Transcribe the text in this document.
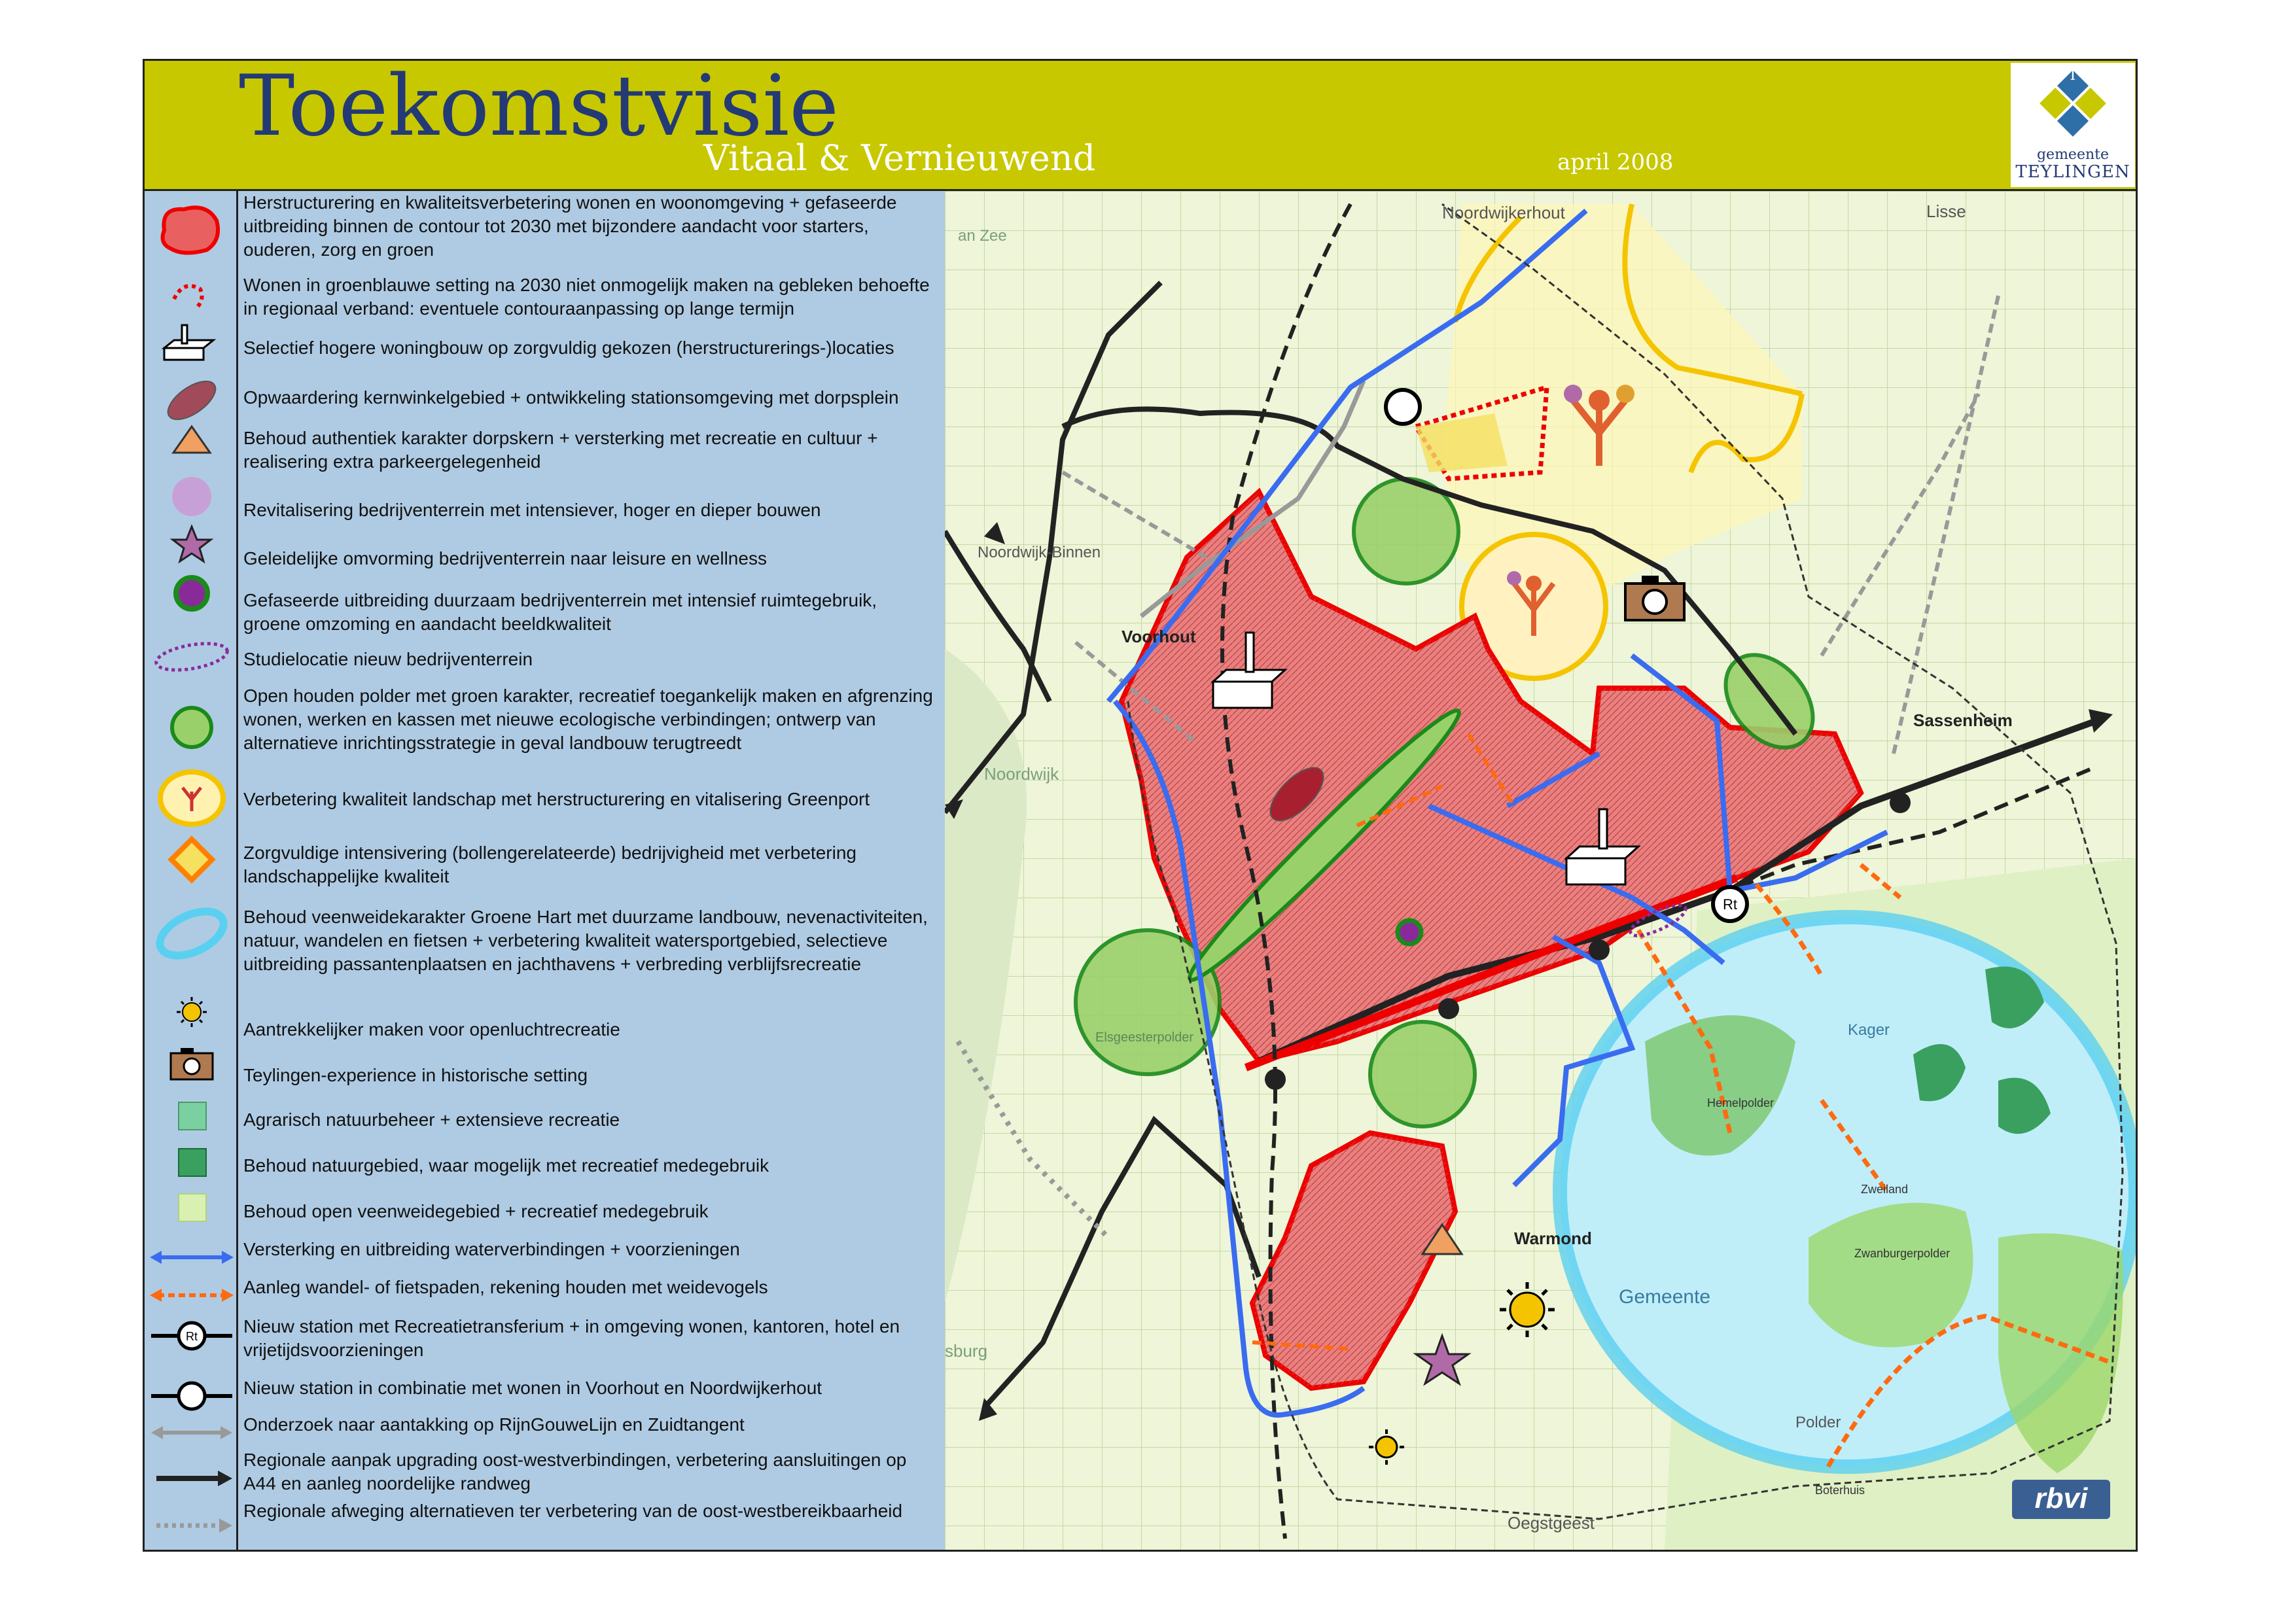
Toekomstvisie
Vitaal & Vernieuwend	april 2008
T
gemeente
TEYLINGEN
Rt
Herstructurering en kwaliteitsverbetering wonen en woonomgeving + gefaseerde uitbreiding binnen de contour tot 2030 met bijzondere aandacht voor starters, ouderen, zorg en groen
Wonen in groenblauwe setting na 2030 niet onmogelijk maken na gebleken behoefte in regionaal verband: eventuele contouraanpassing op lange termijn
Selectief hogere woningbouw op zorgvuldig gekozen (herstructurerings-)locaties
Opwaardering kernwinkelgebied + ontwikkeling stationsomgeving met dorpsplein
Behoud authentiek karakter dorpskern + versterking met recreatie en cultuur + realisering extra parkeergelegenheid
Revitalisering bedrijventerrein met intensiever, hoger en dieper bouwen
Geleidelijke omvorming bedrijventerrein naar leisure en wellness
Gefaseerde uitbreiding duurzaam bedrijventerrein met intensief ruimtegebruik, groene omzoming en aandacht beeldkwaliteit
Studielocatie nieuw bedrijventerrein
Open houden polder met groen karakter, recreatief toegankelijk maken en afgrenzing wonen, werken en kassen met nieuwe ecologische verbindingen; ontwerp van alternatieve inrichtingsstrategie in geval landbouw terugtreedt
Verbetering kwaliteit landschap met herstructurering en vitalisering Greenport
Zorgvuldige intensivering (bollengerelateerde) bedrijvigheid met verbetering landschappelijke kwaliteit
Behoud veenweidekarakter Groene Hart met duurzame landbouw, nevenactiviteiten, natuur, wandelen en fietsen + verbetering kwaliteit watersportgebied, selectieve uitbreiding passantenplaatsen en jachthavens + verbreding verblijfsrecreatie
Aantrekkelijker maken voor openluchtrecreatie
Teylingen-experience in historische setting
Agrarisch natuurbeheer + extensieve recreatie
Behoud natuurgebied, waar mogelijk met recreatief medegebruik
Behoud open veenweidegebied + recreatief medegebruik
Versterking en uitbreiding waterverbindingen + voorzieningen
Aanleg wandel- of fietspaden, rekening houden met weidevogels
Nieuw station met Recreatietransferium + in omgeving wonen, kantoren, hotel en vrijetijdsvoorzieningen
Nieuw station in combinatie met wonen in Voorhout en Noordwijkerhout
Onderzoek naar aantakking op RijnGouweLijn en Zuidtangent
Regionale aanpak upgrading oost-westverbindingen, verbetering aansluitingen op A44 en aanleg noordelijke randweg
Regionale afweging alternatieven ter verbetering van de oost-westbereikbaarheid
Rt
Voorhout
Sassenheim
Warmond
Lisse
Noordwijkerhout
Noordwijk-Binnen
Noordwijk
Oegstgeest
Kager
Gemeente
Polder
Elsgeesterpolder
Hemelpolder
Zwanburgerpolder
Zweiland
Boterhuis
an Zee
sburg
rbvi
